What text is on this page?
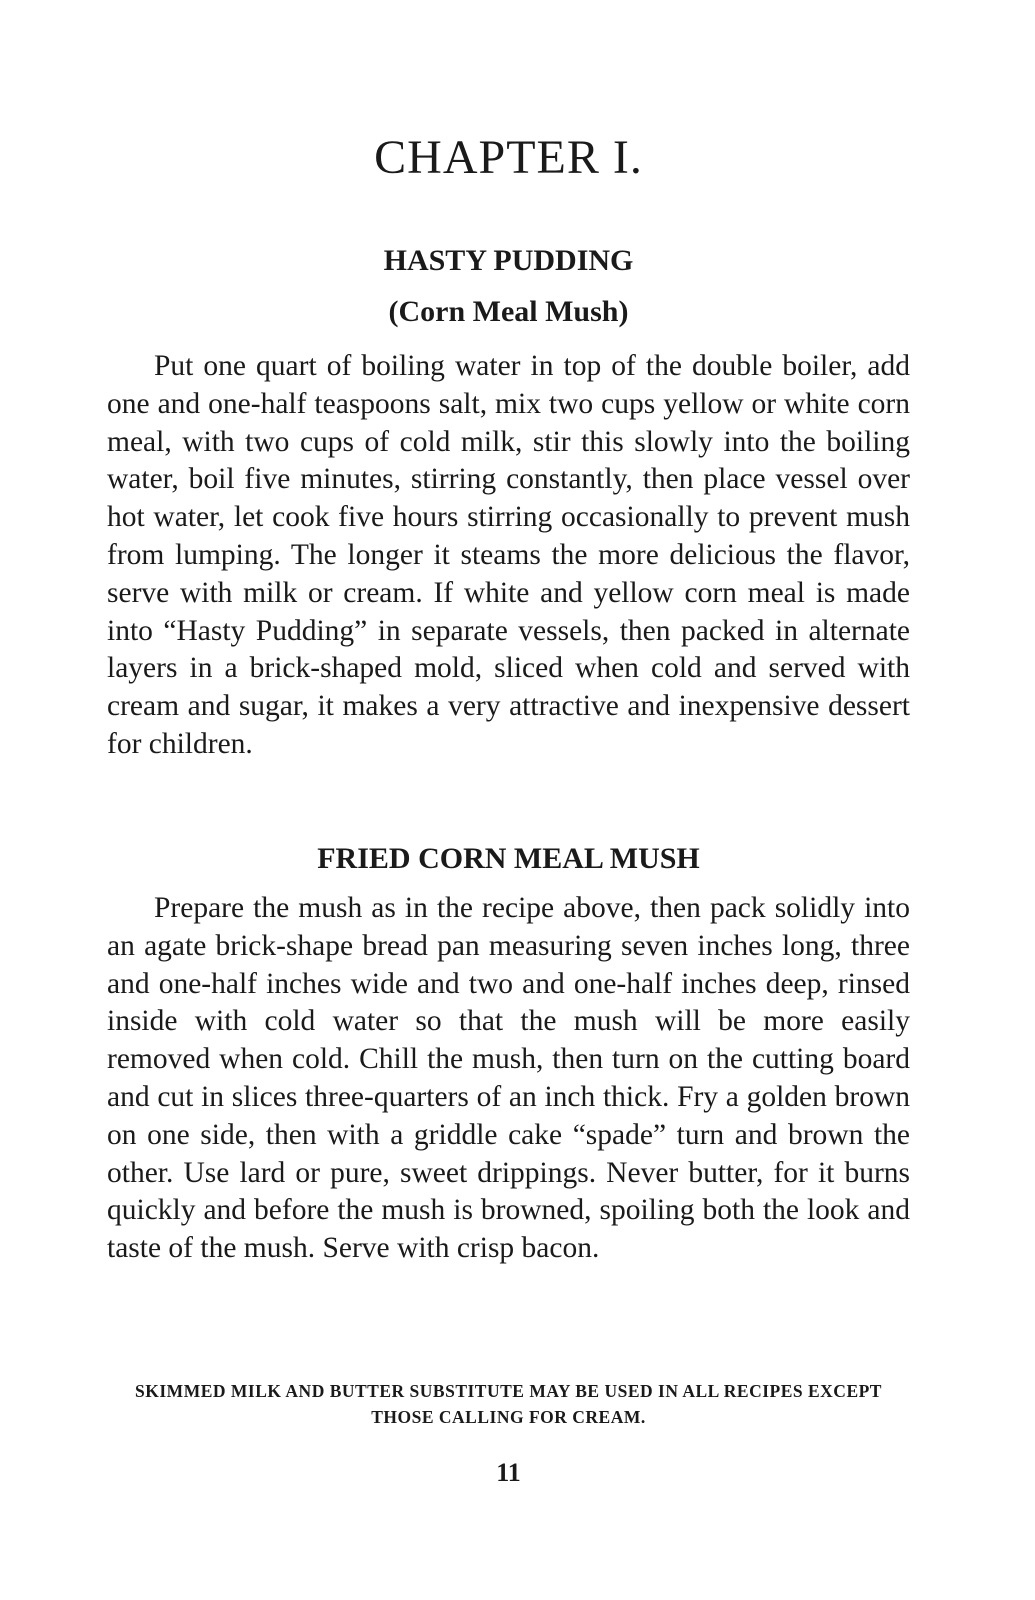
CHAPTER I.
HASTY PUDDING
(Corn Meal Mush)

Put one quart of boiling water in top of the double boiler, add one and one-half teaspoons salt, mix two cups yellow or white corn meal, with two cups of cold milk, stir this slowly into the boiling water, boil five minutes, stirring constantly, then place vessel over hot water, let cook five hours stirring occasionally to prevent mush from lumping. The longer it steams the more delicious the flavor, serve with milk or cream. If white and yellow corn meal is made into “Hasty Pudding” in separate vessels, then packed in alternate layers in a brick-shaped mold, sliced when cold and served with cream and sugar, it makes a very attractive and inexpensive dessert for children.

FRIED CORN MEAL MUSH

Prepare the mush as in the recipe above, then pack solidly into an agate brick-shape bread pan measuring seven inches long, three and one-half inches wide and two and one-half inches deep, rinsed inside with cold water so that the mush will be more easily removed when cold. Chill the mush, then turn on the cutting board and cut in slices three-quarters of an inch thick. Fry a golden brown on one side, then with a griddle cake “spade” turn and brown the other. Use lard or pure, sweet drippings. Never butter, for it burns quickly and before the mush is browned, spoiling both the look and taste of the mush. Serve with crisp bacon.

SKIMMED MILK AND BUTTER SUBSTITUTE MAY BE USED IN ALL RECIPES EXCEPT THOSE CALLING FOR CREAM.
11
